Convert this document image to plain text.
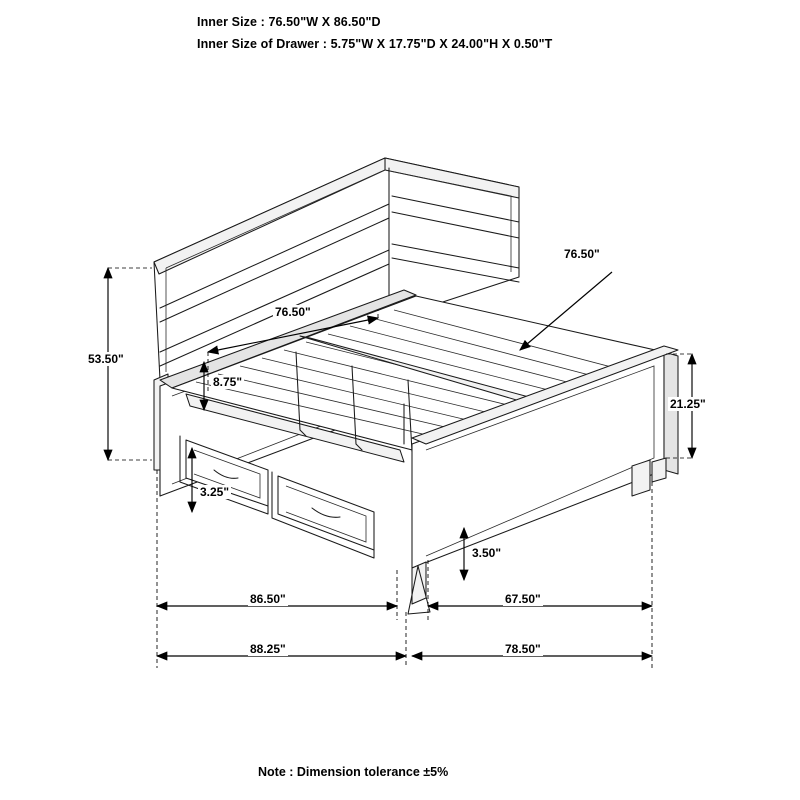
Inner Size : 76.50"W X 86.50"D
Inner Size of Drawer : 5.75"W X 17.75"D X 24.00"H X 0.50"T
53.50"
76.50"
8.75"
76.50"
21.25"
3.25"
3.50"
86.50"	67.50"
88.25"	78.50"
Note : Dimension tolerance ±5%
